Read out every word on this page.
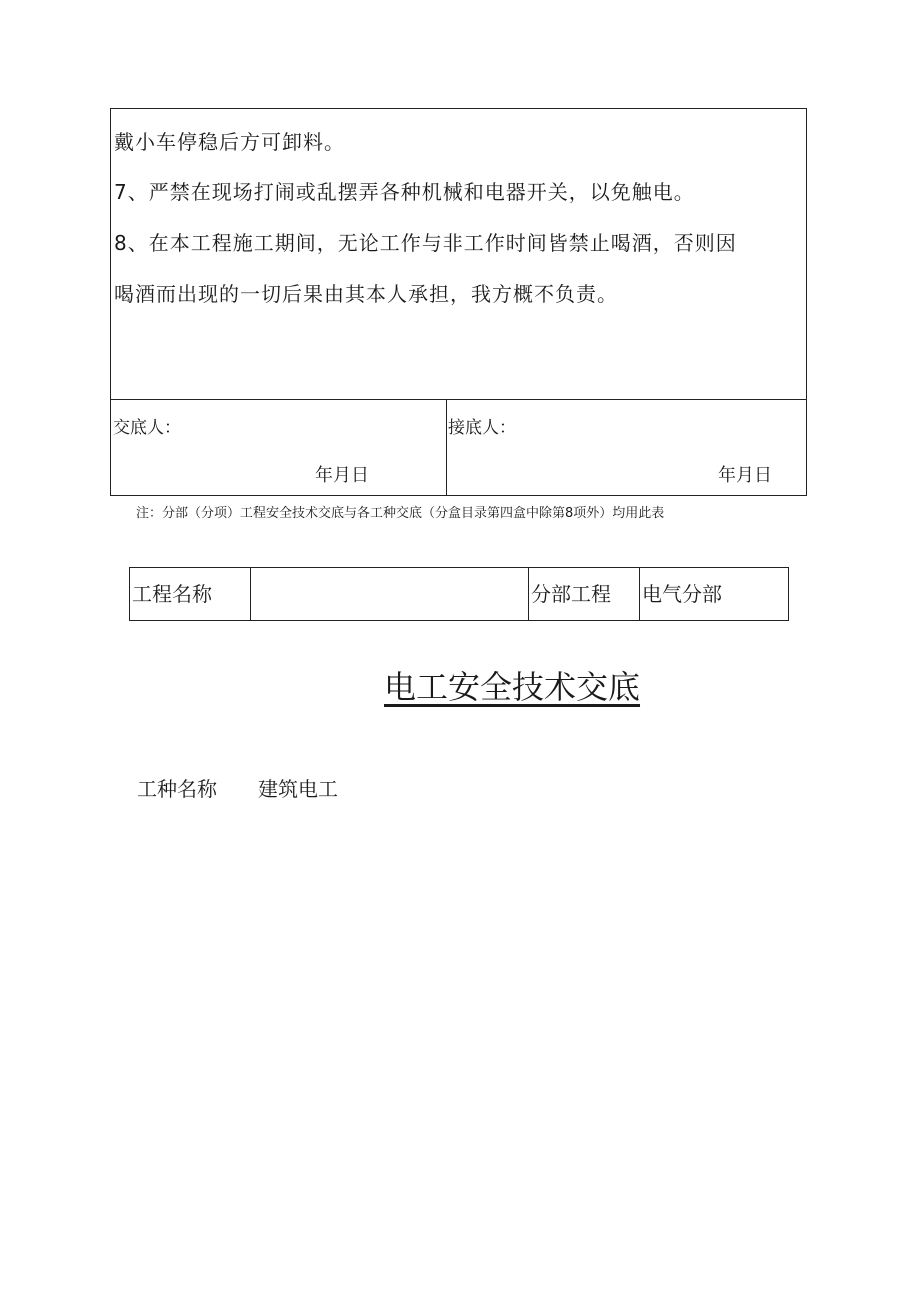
戴小车停稳后方可卸料。
7、严禁在现场打闹或乱摆弄各种机械和电器开关，以免触电。
8、在本工程施工期间，无论工作与非工作时间皆禁止喝酒，否则因
喝酒而出现的一切后果由其本人承担，我方概不负责。
交底人：
年月日
接底人：
年月日
注：分部（分项）工程安全技术交底与各工种交底（分盒目录第四盒中除第8项外）均用此表
工程名称	分部工程	电气分部
电工安全技术交底
工种名称 建筑电工
